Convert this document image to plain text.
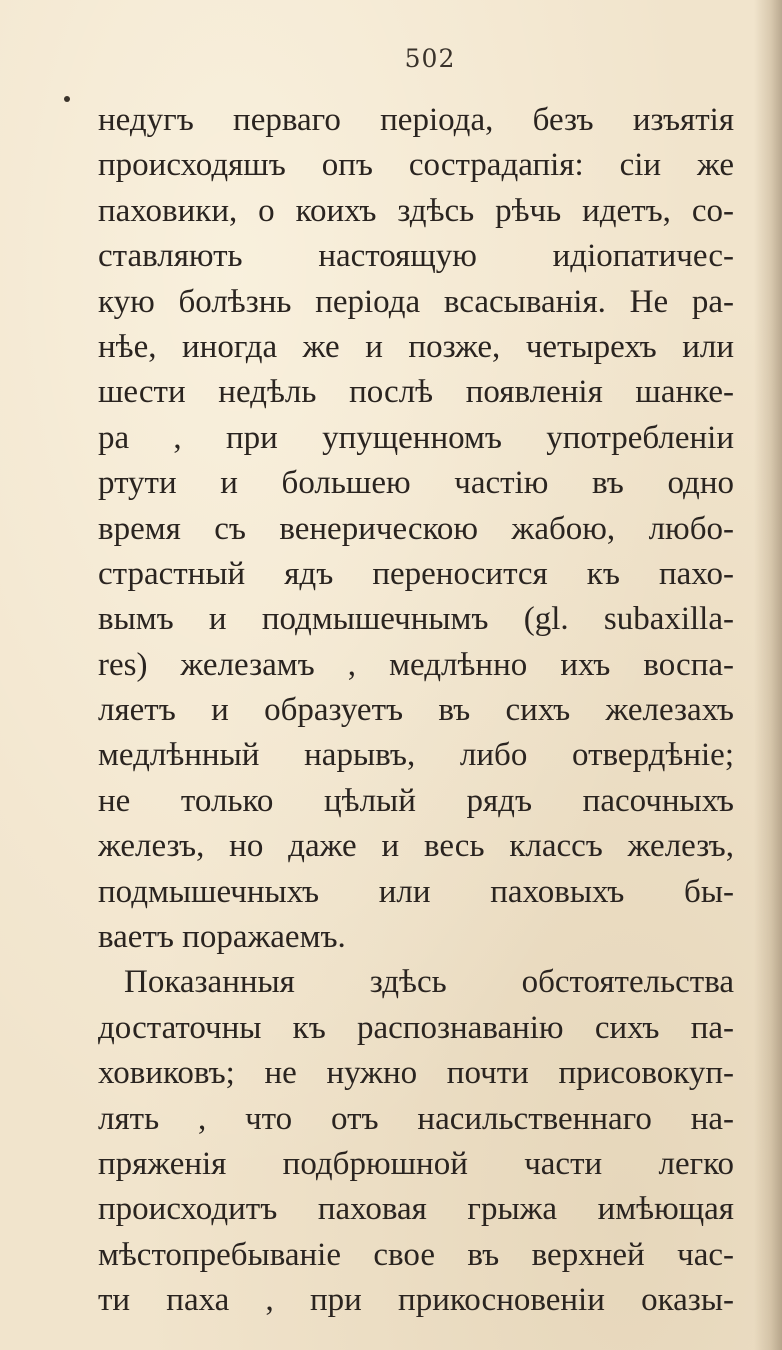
502
недугъ перваго періода, безъ изъятія
происходяшъ опъ сострадапія: сіи же
паховики, о коихъ здѣсь рѣчь идетъ, со-
ставляють настоящую идіопатичес-
кую болѣзнь періода всасыванія. Не ра-
нѣе, иногда же и позже, четырехъ или
шести недѣль послѣ появленія шанке-
ра , при упущенномъ употребленіи
ртути и большею частію въ одно
время съ венерическою жабою, любо-
страстный ядъ переносится къ пахо-
вымъ и подмышечнымъ (gl. subaxilla-
res) железамъ , медлѣнно ихъ воспа-
ляетъ и образуетъ въ сихъ железахъ
медлѣнный нарывъ, либо отвердѣніе;
не только цѣлый рядъ пасочныхъ
железъ, но даже и весь классъ железъ,
подмышечныхъ или паховыхъ бы-
ваетъ поражаемъ.
Показанныя здѣсь обстоятельства
достаточны къ распознаванію сихъ па-
ховиковъ; не нужно почти присовокуп-
лять , что отъ насильственнаго на-
пряженія подбрюшной части легко
происходитъ паховая грыжа имѣющая
мѣстопребываніе свое въ верхней час-
ти паха , при прикосновеніи оказы-
